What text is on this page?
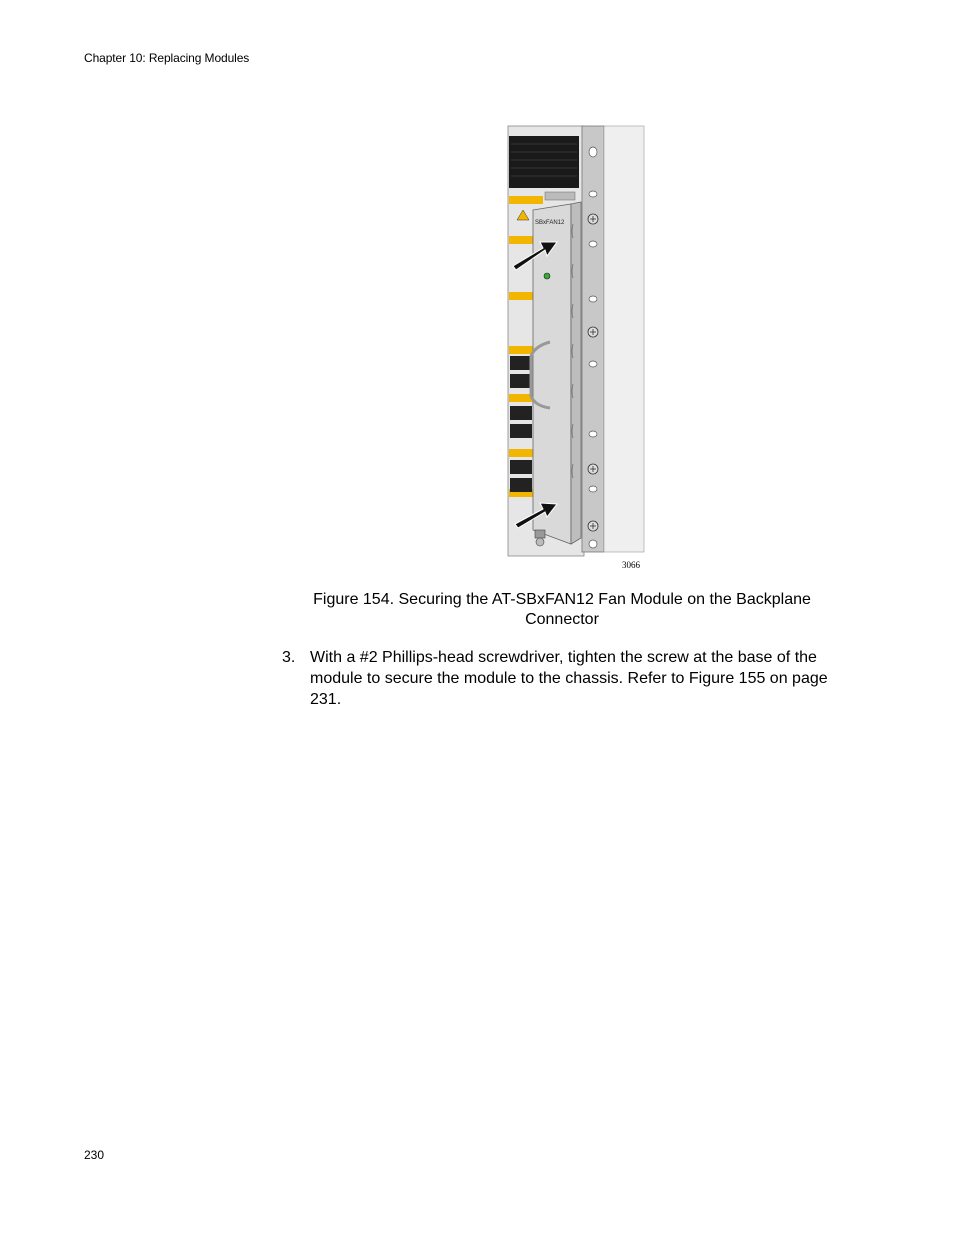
Chapter 10: Replacing Modules
SBxFAN12
3066
Figure 154. Securing the AT-SBxFAN12 Fan Module on the Backplane Connector
3. With a #2 Phillips-head screwdriver, tighten the screw at the base of the module to secure the module to the chassis. Refer to Figure 155 on page 231.
230
